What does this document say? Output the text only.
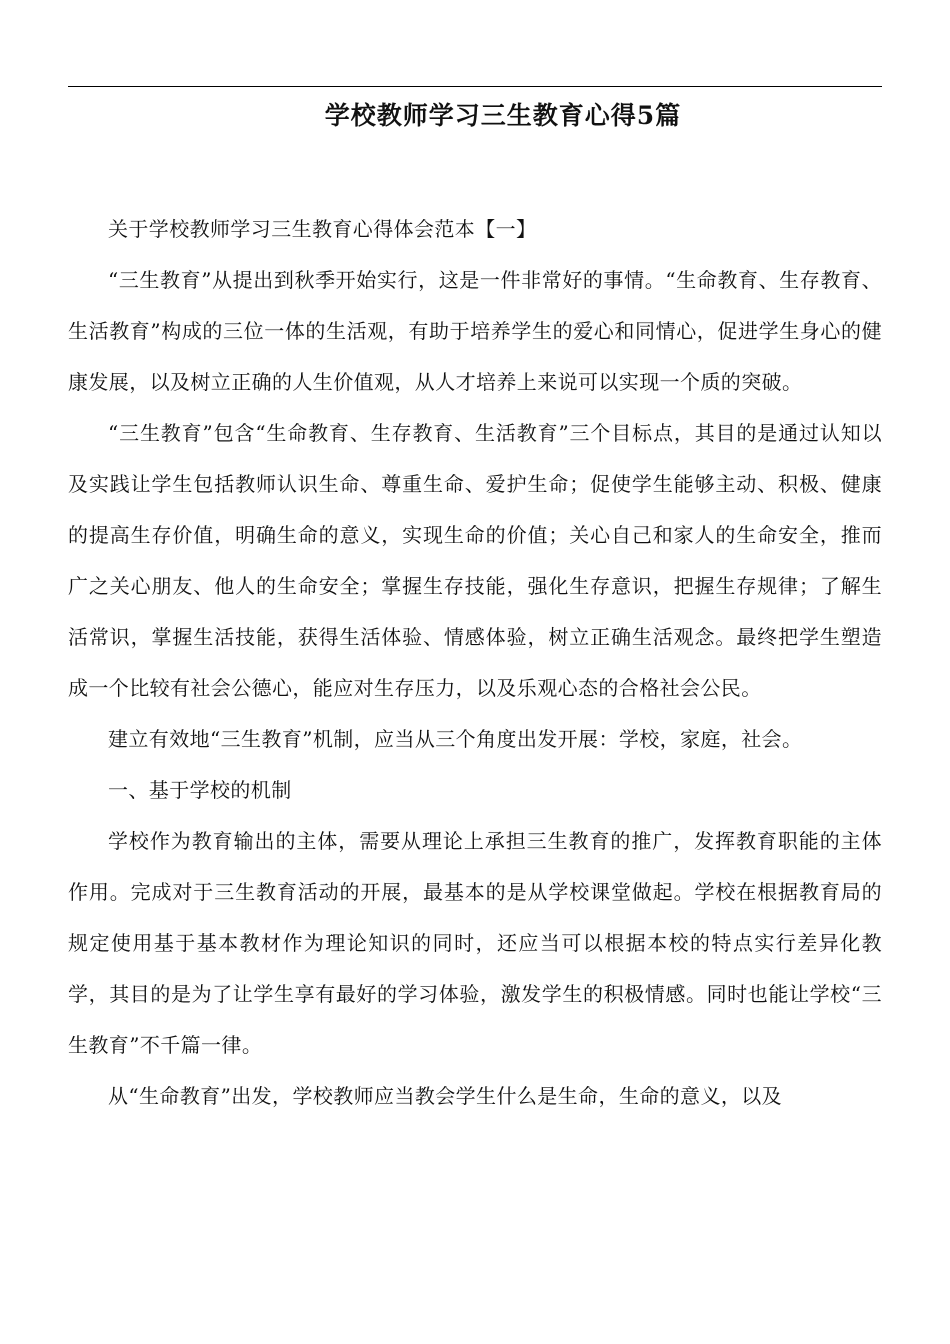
学校教师学习三生教育心得5篇

关于学校教师学习三生教育心得体会范本【一】

“三生教育”从提出到秋季开始实行，这是一件非常好的事情。“生命教育、生存教育、生活教育”构成的三位一体的生活观，有助于培养学生的爱心和同情心，促进学生身心的健康发展，以及树立正确的人生价值观，从人才培养上来说可以实现一个质的突破。

“三生教育”包含“生命教育、生存教育、生活教育”三个目标点，其目的是通过认知以及实践让学生包括教师认识生命、尊重生命、爱护生命；促使学生能够主动、积极、健康的提高生存价值，明确生命的意义，实现生命的价值；关心自己和家人的生命安全，推而广之关心朋友、他人的生命安全；掌握生存技能，强化生存意识，把握生存规律；了解生活常识，掌握生活技能，获得生活体验、情感体验，树立正确生活观念。最终把学生塑造成一个比较有社会公德心，能应对生存压力，以及乐观心态的合格社会公民。

建立有效地“三生教育”机制，应当从三个角度出发开展：学校，家庭，社会。

一、基于学校的机制

学校作为教育输出的主体，需要从理论上承担三生教育的推广，发挥教育职能的主体作用。完成对于三生教育活动的开展，最基本的是从学校课堂做起。学校在根据教育局的规定使用基于基本教材作为理论知识的同时，还应当可以根据本校的特点实行差异化教学，其目的是为了让学生享有最好的学习体验，激发学生的积极情感。同时也能让学校“三生教育”不千篇一律。

从“生命教育”出发，学校教师应当教会学生什么是生命，生命的意义，以及
